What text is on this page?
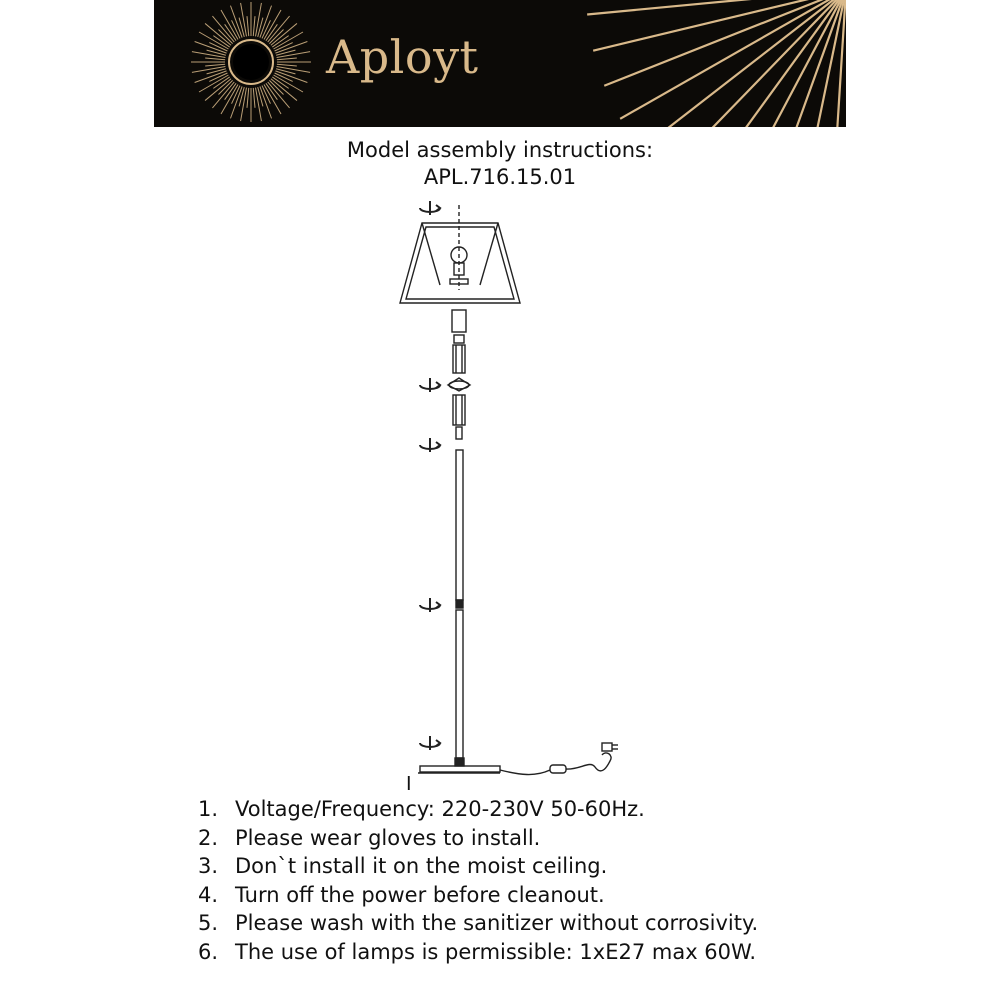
Aployt
Model assembly instructions:
APL.716.15.01
I
1. Voltage/Frequency: 220-230V 50-60Hz.
2. Please wear gloves to install.
3. Don`t install it on the moist ceiling.
4. Turn off the power before cleanout.
5. Please wash with the sanitizer without corrosivity.
6. The use of lamps is permissible: 1xE27 max 60W.
